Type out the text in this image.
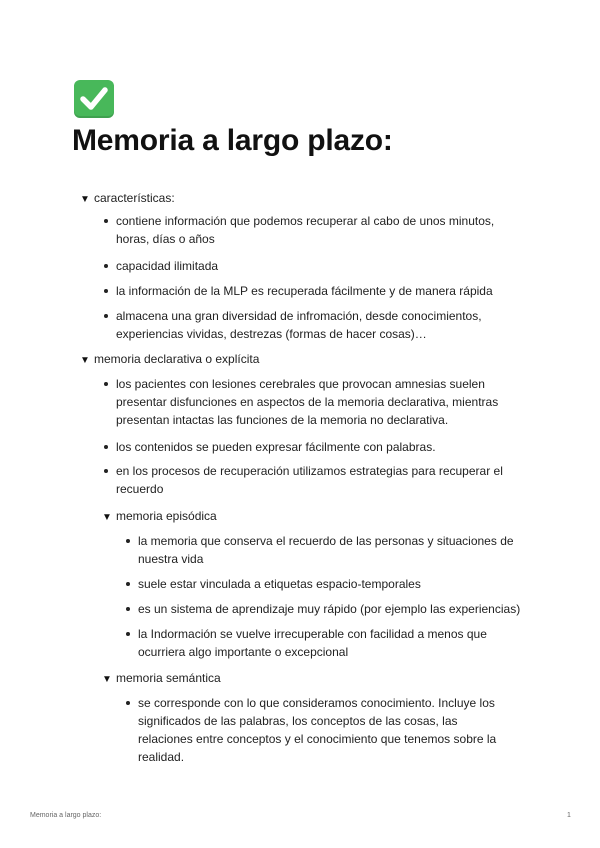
Memoria a largo plazo:
▼ características:
contiene información que podemos recuperar al cabo de unos minutos, horas, días o años
capacidad ilimitada
la información de la MLP es recuperada fácilmente y de manera rápida
almacena una gran diversidad de infromación, desde conocimientos, experiencias vividas, destrezas (formas de hacer cosas)…
▼ memoria declarativa o explícita
los pacientes con lesiones cerebrales que provocan amnesias suelen presentar disfunciones en aspectos de la memoria declarativa, mientras presentan intactas las funciones de la memoria no declarativa.
los contenidos se pueden expresar fácilmente con palabras.
en los procesos de recuperación utilizamos estrategias para recuperar el recuerdo
▼ memoria episódica
la memoria que conserva el recuerdo de las personas y situaciones de nuestra vida
suele estar vinculada a etiquetas espacio-temporales
es un sistema de aprendizaje muy rápido (por ejemplo las experiencias)
la Indormación se vuelve irrecuperable con facilidad a menos que ocurriera algo importante o excepcional
▼ memoria semántica
se corresponde con lo que consideramos conocimiento. Incluye los significados de las palabras, los conceptos de las cosas, las relaciones entre conceptos y el conocimiento que tenemos sobre la realidad.
Memoria a largo plazo:	1
